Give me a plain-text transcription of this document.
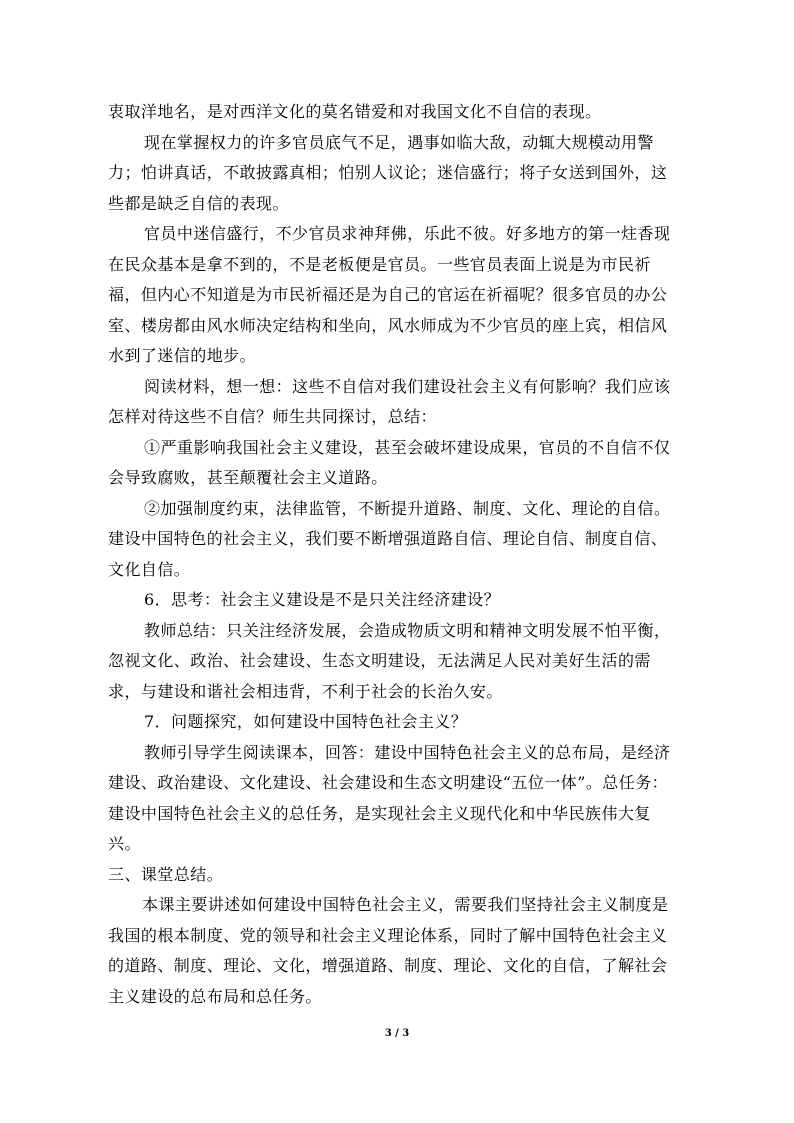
衷取洋地名，是对西洋文化的莫名错爱和对我国文化不自信的表现。
现在掌握权力的许多官员底气不足，遇事如临大敌，动辄大规模动用警
力；怕讲真话，不敢披露真相；怕别人议论；迷信盛行；将子女送到国外，这
些都是缺乏自信的表现。
官员中迷信盛行，不少官员求神拜佛，乐此不彼。好多地方的第一炷香现
在民众基本是拿不到的，不是老板便是官员。一些官员表面上说是为市民祈
福，但内心不知道是为市民祈福还是为自己的官运在祈福呢？很多官员的办公
室、楼房都由风水师决定结构和坐向，风水师成为不少官员的座上宾，相信风
水到了迷信的地步。
阅读材料，想一想：这些不自信对我们建设社会主义有何影响？我们应该
怎样对待这些不自信？师生共同探讨，总结：
①严重影响我国社会主义建设，甚至会破坏建设成果，官员的不自信不仅
会导致腐败，甚至颠覆社会主义道路。
②加强制度约束，法律监管，不断提升道路、制度、文化、理论的自信。
建设中国特色的社会主义，我们要不断增强道路自信、理论自信、制度自信、
文化自信。
6．思考：社会主义建设是不是只关注经济建设？
教师总结：只关注经济发展，会造成物质文明和精神文明发展不怕平衡，
忽视文化、政治、社会建设、生态文明建设，无法满足人民对美好生活的需
求，与建设和谐社会相违背，不利于社会的长治久安。
7．问题探究，如何建设中国特色社会主义？
教师引导学生阅读课本，回答：建设中国特色社会主义的总布局，是经济
建设、政治建设、文化建设、社会建设和生态文明建设“五位一体”。总任务：
建设中国特色社会主义的总任务，是实现社会主义现代化和中华民族伟大复
兴。
三、课堂总结。
本课主要讲述如何建设中国特色社会主义，需要我们坚持社会主义制度是
我国的根本制度、党的领导和社会主义理论体系，同时了解中国特色社会主义
的道路、制度、理论、文化，增强道路、制度、理论、文化的自信，了解社会
主义建设的总布局和总任务。
3 / 3
